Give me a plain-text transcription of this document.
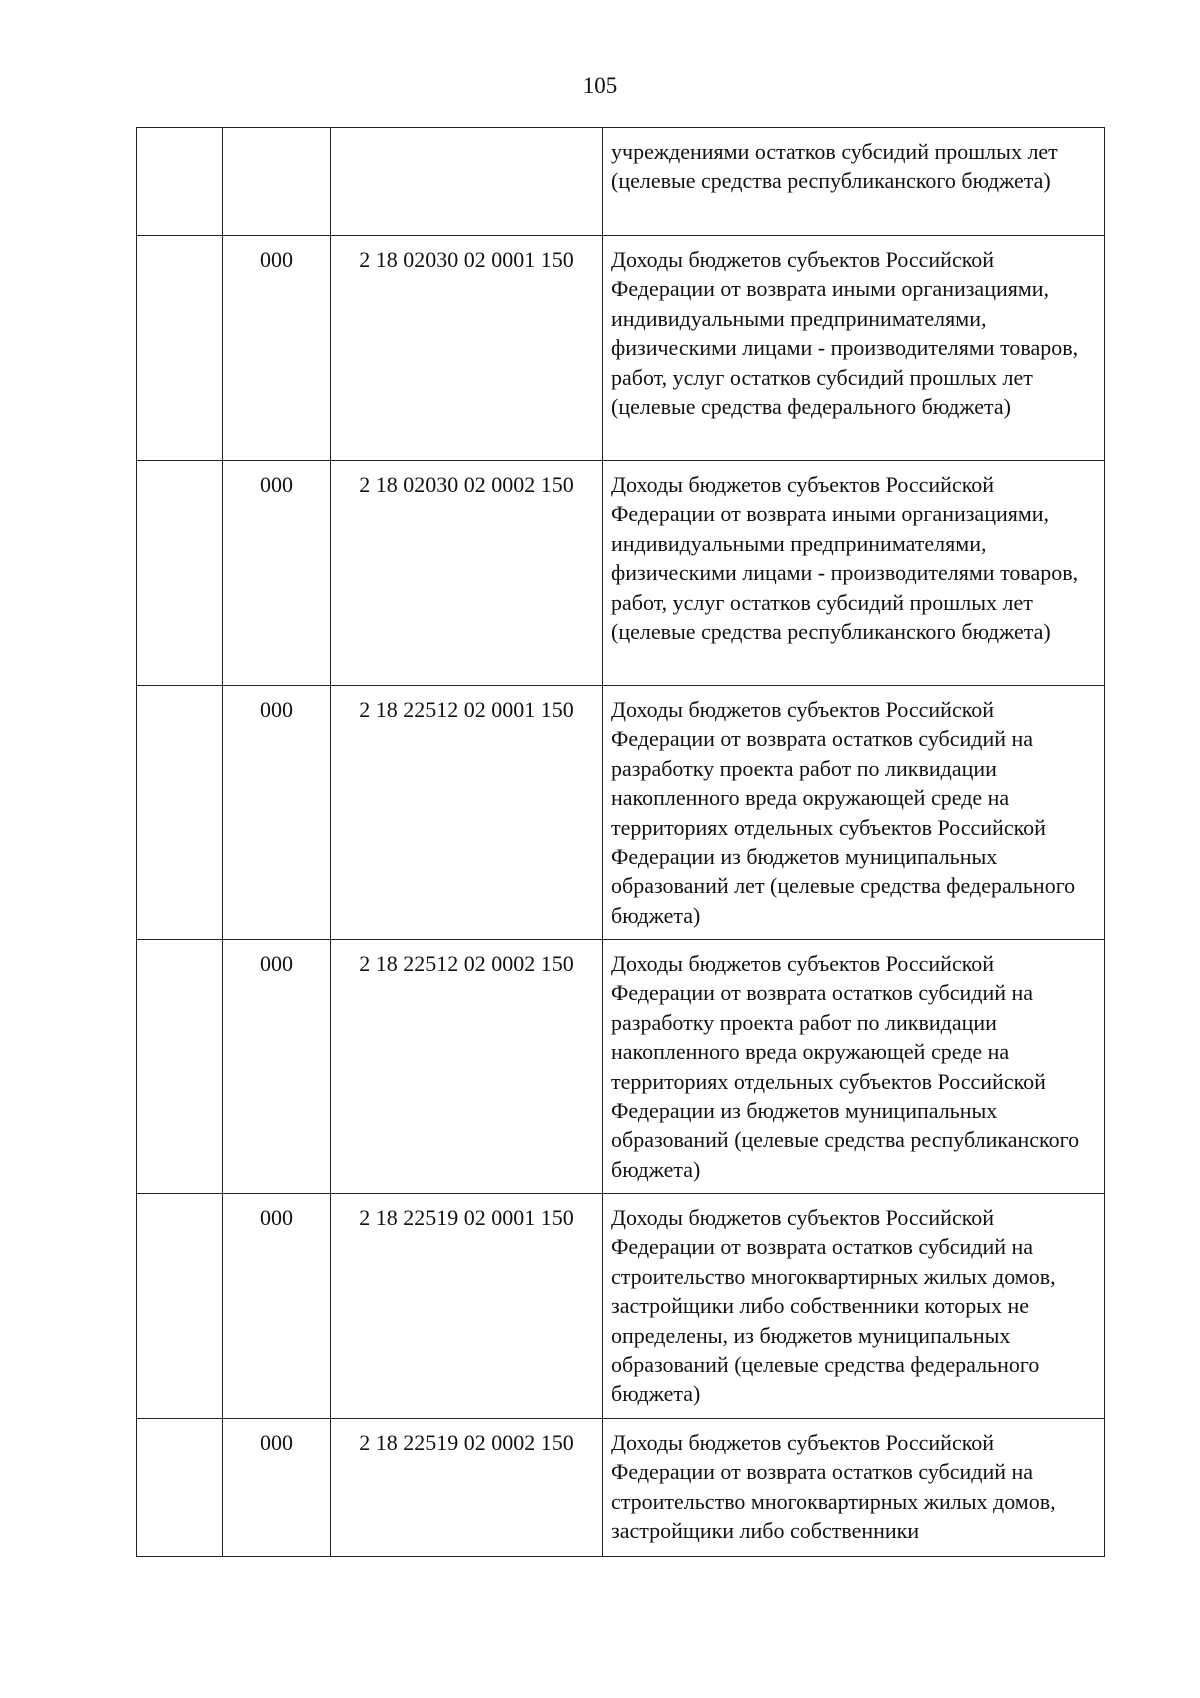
105
			учреждениями остатков субсидий прошлых лет (целевые средства республиканского бюджета)
	000	2 18 02030 02 0001 150	Доходы бюджетов субъектов Российской Федерации от возврата иными организациями, индивидуальными предпринимателями, физическими лицами - производителями товаров, работ, услуг остатков субсидий прошлых лет (целевые средства федерального бюджета)
	000	2 18 02030 02 0002 150	Доходы бюджетов субъектов Российской Федерации от возврата иными организациями, индивидуальными предпринимателями, физическими лицами - производителями товаров, работ, услуг остатков субсидий прошлых лет (целевые средства республиканского бюджета)
	000	2 18 22512 02 0001 150	Доходы бюджетов субъектов Российской Федерации от возврата остатков субсидий на разработку проекта работ по ликвидации накопленного вреда окружающей среде на территориях отдельных субъектов Российской Федерации из бюджетов муниципальных образований лет (целевые средства федерального бюджета)
	000	2 18 22512 02 0002 150	Доходы бюджетов субъектов Российской Федерации от возврата остатков субсидий на разработку проекта работ по ликвидации накопленного вреда окружающей среде на территориях отдельных субъектов Российской Федерации из бюджетов муниципальных образований (целевые средства республиканского бюджета)
	000	2 18 22519 02 0001 150	Доходы бюджетов субъектов Российской Федерации от возврата остатков субсидий на строительство многоквартирных жилых домов, застройщики либо собственники которых не определены, из бюджетов муниципальных образований (целевые средства федерального бюджета)
	000	2 18 22519 02 0002 150	Доходы бюджетов субъектов Российской Федерации от возврата остатков субсидий на строительство многоквартирных жилых домов, застройщики либо собственники
